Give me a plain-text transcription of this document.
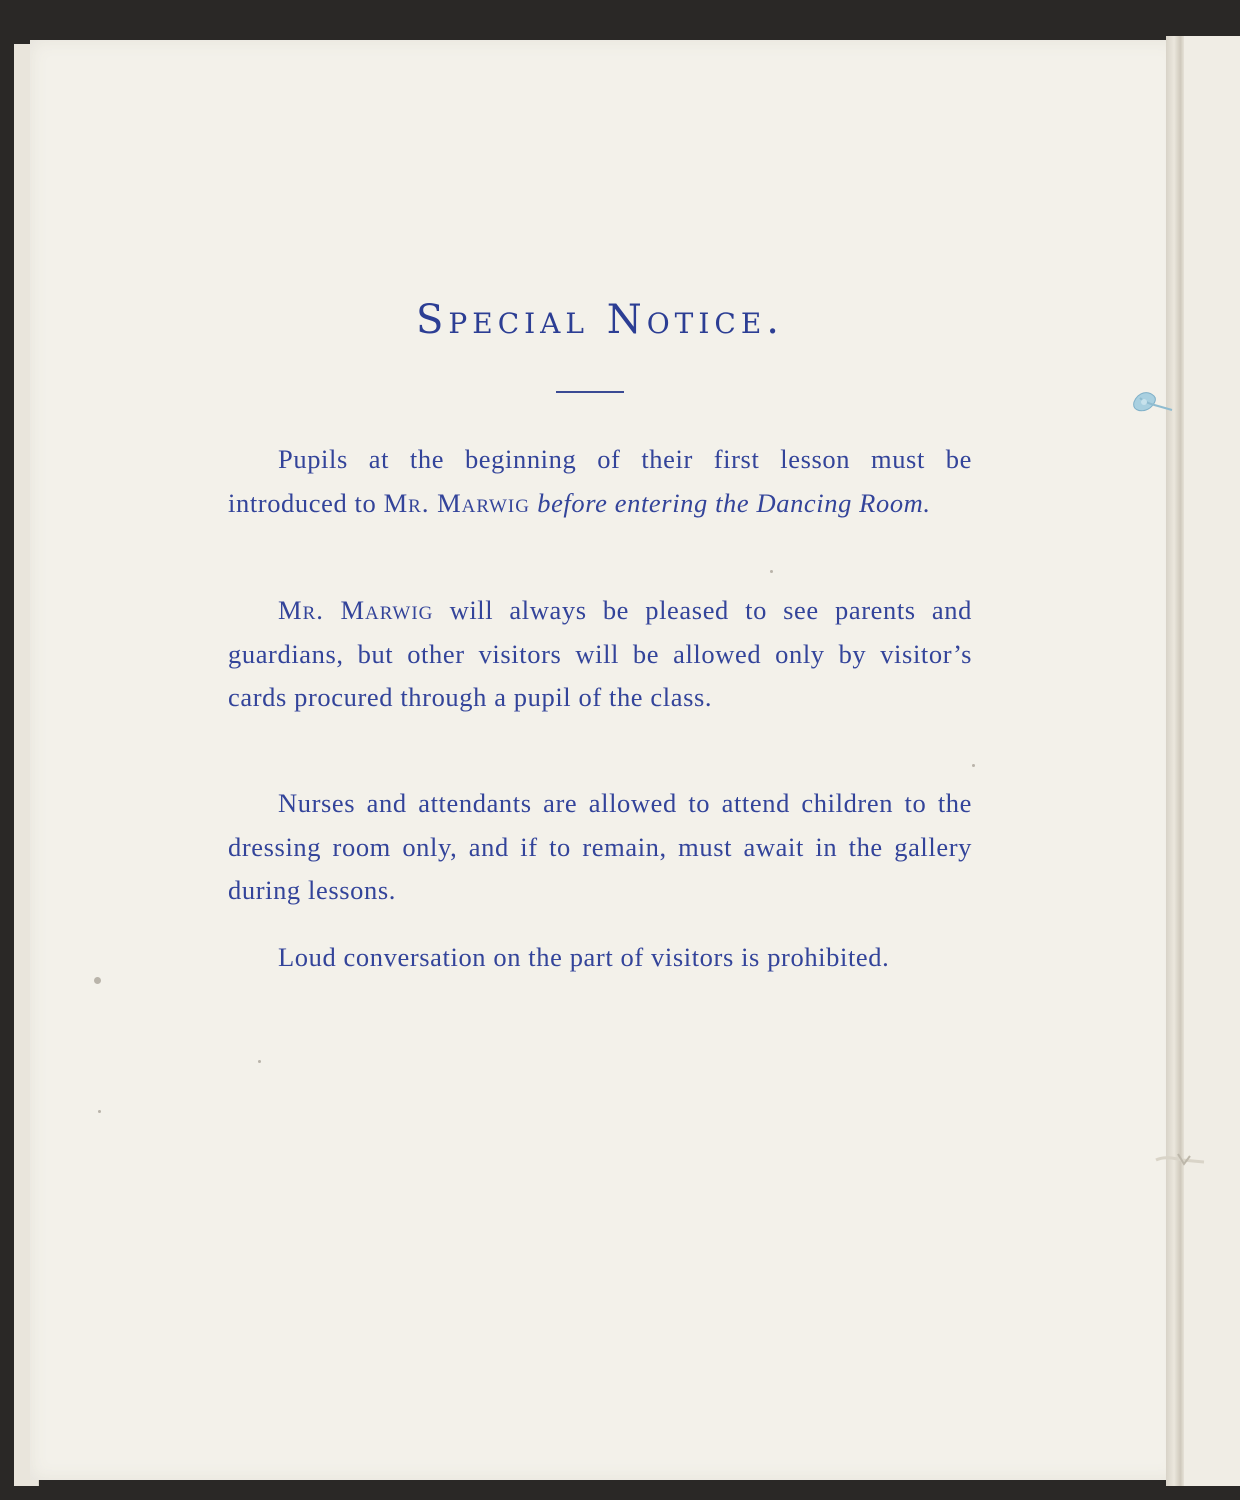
Special Notice.

Pupils at the beginning of their first lesson must be introduced to Mr. Marwig before entering the Dancing Room.

Mr. Marwig will always be pleased to see parents and guardians, but other visitors will be allowed only by visitor’s cards procured through a pupil of the class.

Nurses and attendants are allowed to attend children to the dressing room only, and if to remain, must await in the gallery during lessons.

Loud conversation on the part of visitors is prohibited.
